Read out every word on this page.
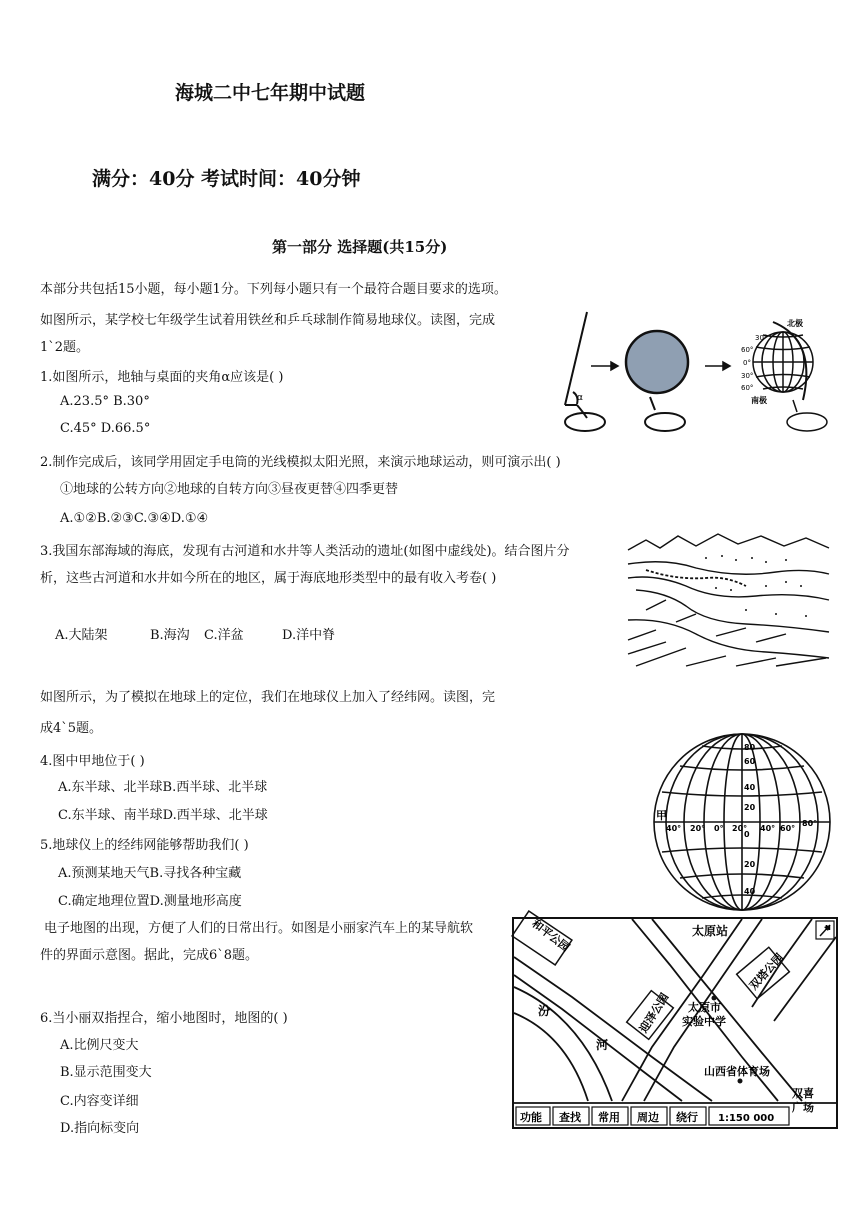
海城二中七年期中试题
满分：40分 考试时间：40分钟
第一部分 选择题(共15分)
本部分共包括15小题，每小题1分。下列每小题只有一个最符合题目要求的选项。
如图所示，某学校七年级学生试着用铁丝和乒乓球制作简易地球仪。读图，完成
1`2题。
1.如图所示，地轴与桌面的夹角α应该是( )
A.23.5° B.30°
C.45° D.66.5°
2.制作完成后，该同学用固定手电筒的光线模拟太阳光照，来演示地球运动，则可演示出( )
①地球的公转方向②地球的自转方向③昼夜更替④四季更替
A.①②B.②③C.③④D.①④
α
北极
南极
30°
60°
0°
30°
60°
3.我国东部海域的海底，发现有古河道和水井等人类活动的遗址(如图中虚线处)。结合图片分
析，这些古河道和水井如今所在的地区，属于海底地形类型中的最有收入考卷( )
A.大陆架	B.海沟 C.洋盆	D.洋中脊
如图所示，为了模拟在地球上的定位，我们在地球仪上加入了经纬网。读图，完
成4`5题。
4.图中甲地位于( )
A.东半球、北半球B.西半球、北半球
C.东半球、南半球D.西半球、北半球
5.地球仪上的经纬网能够帮助我们( )
A.预测某地天气B.寻找各种宝藏
C.确定地理位置D.测量地形高度
甲
40° 20° 0° 20° 40° 60°
80°
80
60
40
20
0
20
40
电子地图的出现，方便了人们的日常出行。如图是小丽家汽车上的某导航软
件的界面示意图。据此，完成6`8题。
6.当小丽双指捏合，缩小地图时，地图的( )
A.比例尺变大
B.显示范围变大
C.内容变详细
D.指向标变向
和平公园
双塔公园
迎泽公园
太原站
太原市
实验中学
山西省体育场
汾
河
双喜
广场
N
功能 查找 常用 周边 绕行 1:150 000
